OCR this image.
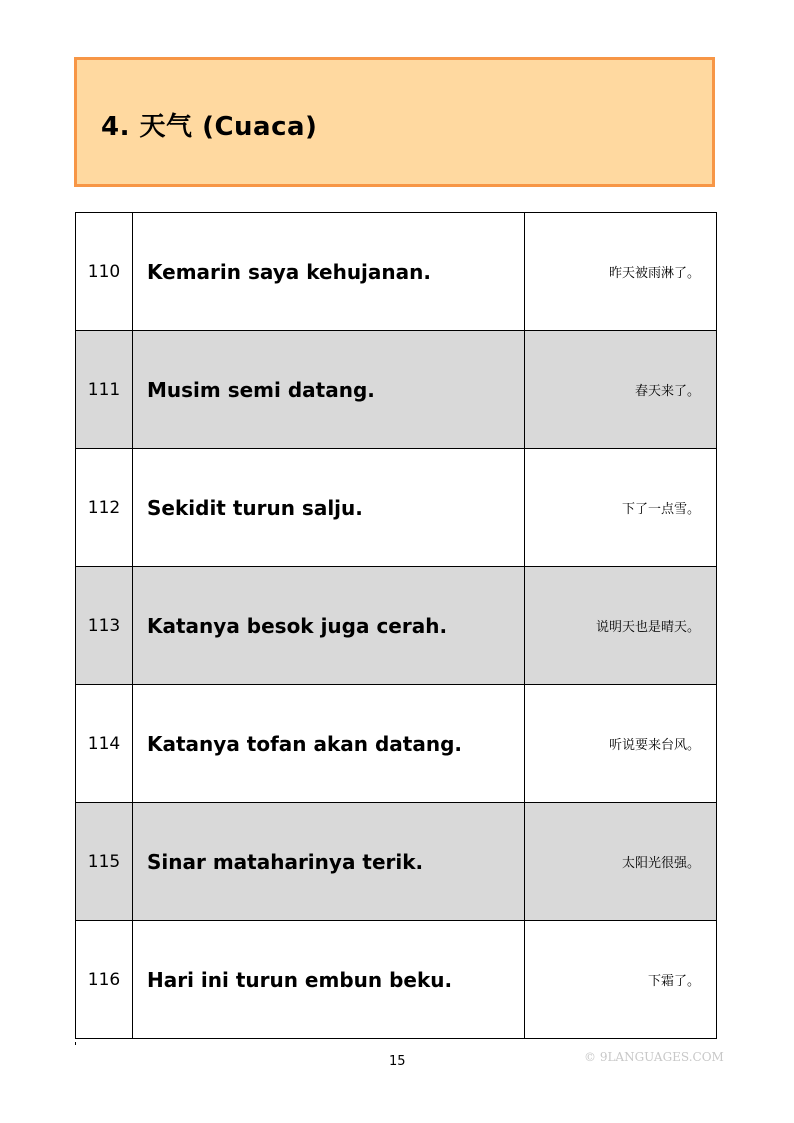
4. 天气 (Cuaca)
110	Kemarin saya kehujanan.	昨天被雨淋了。
111	Musim semi datang.	春天来了。
112	Sekidit turun salju.	下了一点雪。
113	Katanya besok juga cerah.	说明天也是晴天。
114	Katanya tofan akan datang.	听说要来台风。
115	Sinar mataharinya terik.	太阳光很强。
116	Hari ini turun embun beku.	下霜了。
15	© 9LANGUAGES.COM
